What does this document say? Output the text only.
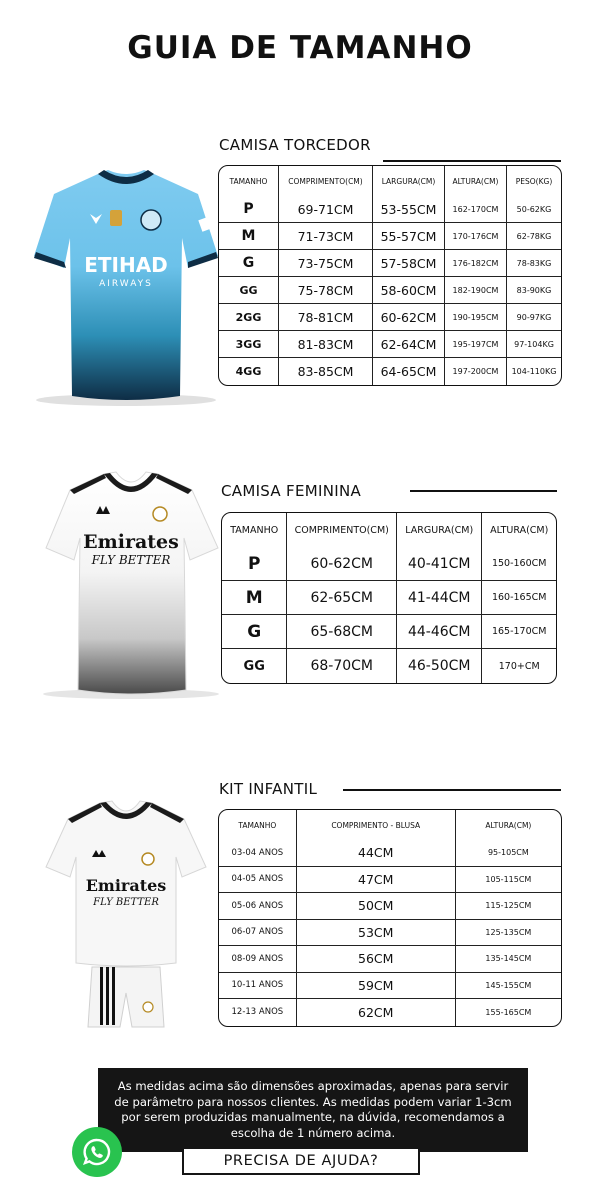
GUIA DE TAMANHO
CAMISA TORCEDOR
ETIHAD
AIRWAYS
TAMANHO	COMPRIMENTO(CM)	LARGURA(CM)	ALTURA(CM)	PESO(KG)
P	69-71CM	53-55CM	162-170CM	50-62KG
M	71-73CM	55-57CM	170-176CM	62-78KG
G	73-75CM	57-58CM	176-182CM	78-83KG
GG	75-78CM	58-60CM	182-190CM	83-90KG
2GG	78-81CM	60-62CM	190-195CM	90-97KG
3GG	81-83CM	62-64CM	195-197CM	97-104KG
4GG	83-85CM	64-65CM	197-200CM	104-110KG
CAMISA FEMININA
Emirates
FLY BETTER
TAMANHO	COMPRIMENTO(CM)	LARGURA(CM)	ALTURA(CM)
P	60-62CM	40-41CM	150-160CM
M	62-65CM	41-44CM	160-165CM
G	65-68CM	44-46CM	165-170CM
GG	68-70CM	46-50CM	170+CM
KIT INFANTIL
Emirates
FLY BETTER
TAMANHO	COMPRIMENTO - BLUSA	ALTURA(CM)
03-04 ANOS	44CM	95-105CM
04-05 ANOS	47CM	105-115CM
05-06 ANOS	50CM	115-125CM
06-07 ANOS	53CM	125-135CM
08-09 ANOS	56CM	135-145CM
10-11 ANOS	59CM	145-155CM
12-13 ANOS	62CM	155-165CM
As medidas acima são dimensões aproximadas, apenas para servir de parâmetro para nossos clientes. As medidas podem variar 1-3cm por serem produzidas manualmente, na dúvida, recomendamos a escolha de 1 número acima.
PRECISA DE AJUDA?
